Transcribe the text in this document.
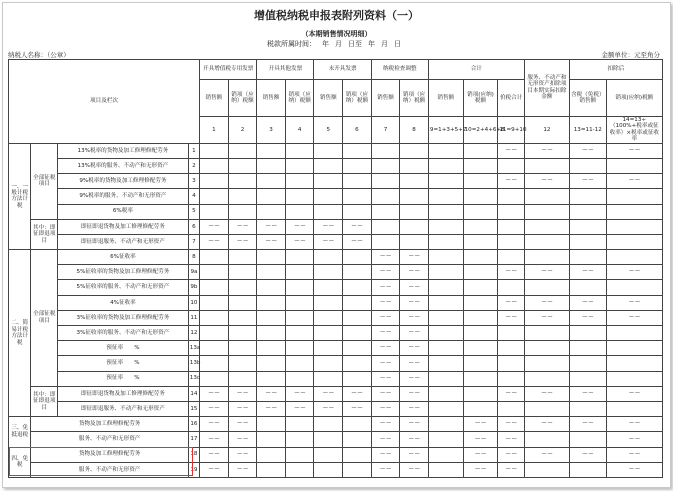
增值税纳税申报表附列资料（一）
（本期销售情况明细）
税款所属时间： 年 月 日至 年 月 日
纳税人名称：（公章）	金额单位：元至角分
项目及栏次				开具增值税专用发票		开具其他发票		未开具发票		纳税检查调整		合计			服务、不动产和无形资产扣除项目本期实际扣除金额	扣除后	
				销售额	销项（应纳）税额	销售额	销项（应纳）税额	销售额	销项（应纳）税额	销售额	销项（应纳）税额	销售额	销项(应纳)税额	价税合计		含税（免税）销售额	销项(应纳)税额
				1	2	3	4	5	6	7	8	9=1+3+5+7	10=2+4+6+8	11=9+10	12	13=11-12	14=13÷（100%+税率或征收率）×税率或征收率
一、一般计税方法计税	全部征税项目	13%税率的货物及加工修理修配劳务	1											— —	— —	— —	— —
		13%税率的服务、不动产和无形资产	2														
		9%税率的货物及加工修理修配劳务	3											— —	— —	— —	— —
		9%税率的服务、不动产和无形资产	4														
		6%税率	5														
	其中：即征即退项目	即征即退货物及加工修理修配劳务	6	— —	— —	— —	— —	— —	— —								
		即征即退服务、不动产和无形资产	7	— —	— —	— —	— —	— —	— —								
二、简易计税方法计税	全部征税项目	6%征收率	8							— —	— —						
		5%征收率的货物及加工修理修配劳务	9a							— —	— —			— —	— —	— —	— —
		5%征收率的服务、不动产和无形资产	9b							— —	— —						
		4%征收率	10							— —	— —			— —	— —	— —	— —
		3%征收率的货物及加工修理修配劳务	11							— —	— —			— —	— —	— —	— —
		3%征收率的服务、不动产和无形资产	12							— —	— —						
		预征率　　%	13a							— —	— —						
		预征率　　%	13b							— —	— —						
		预征率　　%	13c							— —	— —						
	其中：即征即退项目	即征即退货物及加工修理修配劳务	14	— —	— —	— —	— —	— —	— —	— —	— —			— —	— —	— —	— —
		即征即退服务、不动产和无形资产	15	— —	— —	— —	— —	— —	— —	— —	— —						
三、免抵退税	货物及加工修理修配劳务		16	— —	— —					— —	— —		— —	— —	— —	— —	— —
	服务、不动产和无形资产		17	— —	— —					— —	— —		— —	— —			— —
四、免税	货物及加工修理修配劳务		18	— —	— —					— —	— —		— —	— —	— —	— —	— —
	服务、不动产和无形资产		19	— —	— —					— —	— —		— —	— —			— —
